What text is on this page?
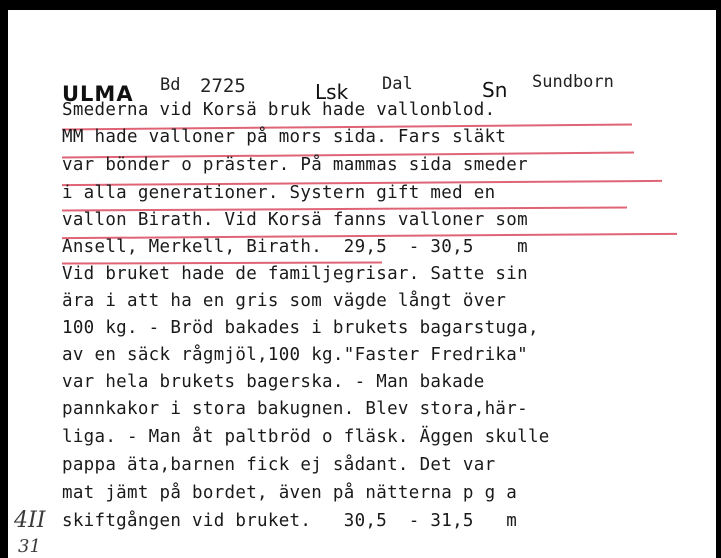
ULMA Bd 2725	Lsk Dal	Sn Sundborn
Smederna vid Korsä bruk hade vallonblod.
MM hade valloner på mors sida. Fars släkt
var bönder o präster. På mammas sida smeder
i alla generationer. Systern gift med en
vallon Birath. Vid Korsä fanns valloner som
Ansell, Merkell, Birath.  29,5  - 30,5    m
Vid bruket hade de familjegrisar. Satte sin
ära i att ha en gris som vägde långt över
100 kg. - Bröd bakades i brukets bagarstuga,
av en säck rågmjöl,100 kg."Faster Fredrika"
var hela brukets bagerska. - Man bakade
pannkakor i stora bakugnen. Blev stora,här-
liga. - Man åt paltbröd o fläsk. Äggen skulle
pappa äta,barnen fick ej sådant. Det var
mat jämt på bordet, även på nätterna p g a
skiftgången vid bruket.   30,5  - 31,5   m
4II
31
